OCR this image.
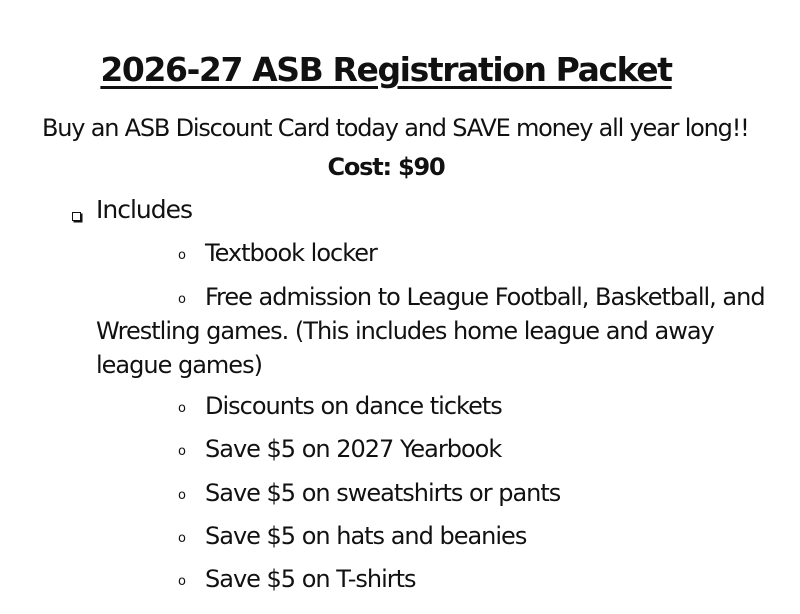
2026-27 ASB Registration Packet
Buy an ASB Discount Card today and SAVE money all year long!!
Cost: $90
Includes
o Textbook locker
o Free admission to League Football, Basketball, and Wrestling games. (This includes home league and away league games)
o Discounts on dance tickets
o Save $5 on 2027 Yearbook
o Save $5 on sweatshirts or pants
o Save $5 on hats and beanies
o Save $5 on T-shirts
